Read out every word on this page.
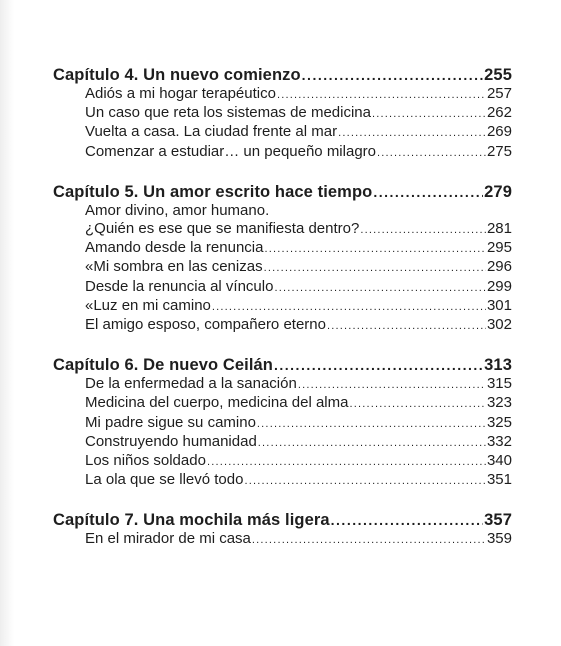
Capítulo 4. Un nuevo comienzo .....	255
Adiós a mi hogar terapéutico .....	257
Un caso que reta los sistemas de medicina .....	262
Vuelta a casa. La ciudad frente al mar .....	269
Comenzar a estudiar… un pequeño milagro .....	275
Capítulo 5. Un amor escrito hace tiempo .....	279
Amor divino, amor humano.
¿Quién es ese que se manifiesta dentro? .....	281
Amando desde la renuncia .....	295
«Mi sombra en las cenizas .....	296
Desde la renuncia al vínculo .....	299
«Luz en mi camino .....	301
El amigo esposo, compañero eterno .....	302
Capítulo 6. De nuevo Ceilán .....	313
De la enfermedad a la sanación .....	315
Medicina del cuerpo, medicina del alma .....	323
Mi padre sigue su camino .....	325
Construyendo humanidad .....	332
Los niños soldado .....	340
La ola que se llevó todo .....	351
Capítulo 7. Una mochila más ligera .....	357
En el mirador de mi casa .....	359
